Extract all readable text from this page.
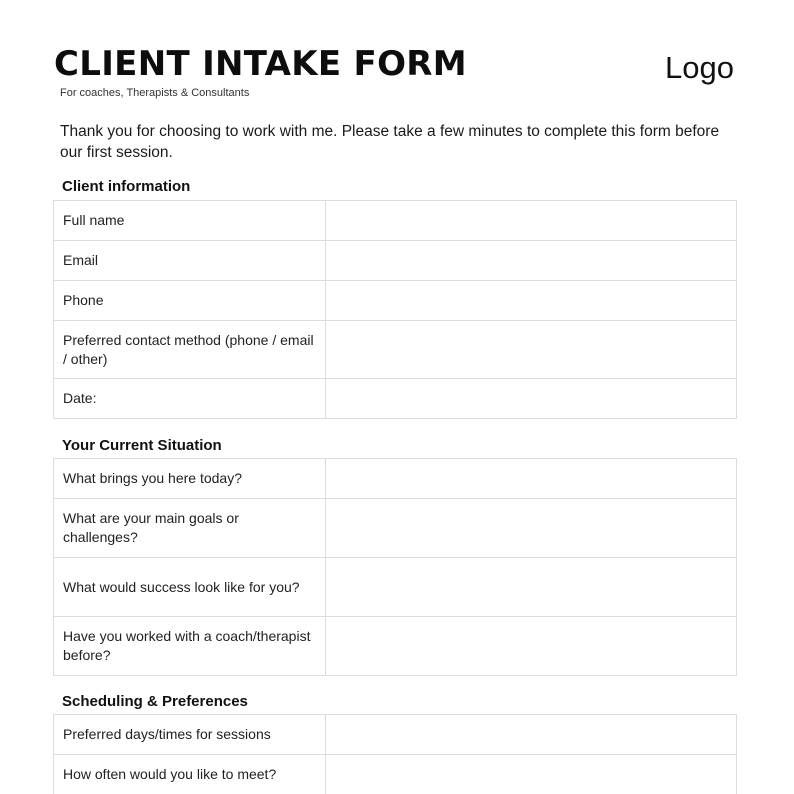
CLIENT INTAKE FORM
For coaches, Therapists & Consultants
Logo
Thank you for choosing to work with me. Please take a few minutes to complete this form before our first session.
Client information
Full name	
Email	
Phone	
Preferred contact method (phone / email / other)	
Date:	
Your Current Situation
What brings you here today?	
What are your main goals or challenges?	
What would success look like for you?	
Have you worked with a coach/therapist before?	
Scheduling & Preferences
Preferred days/times for sessions	
How often would you like to meet?	
